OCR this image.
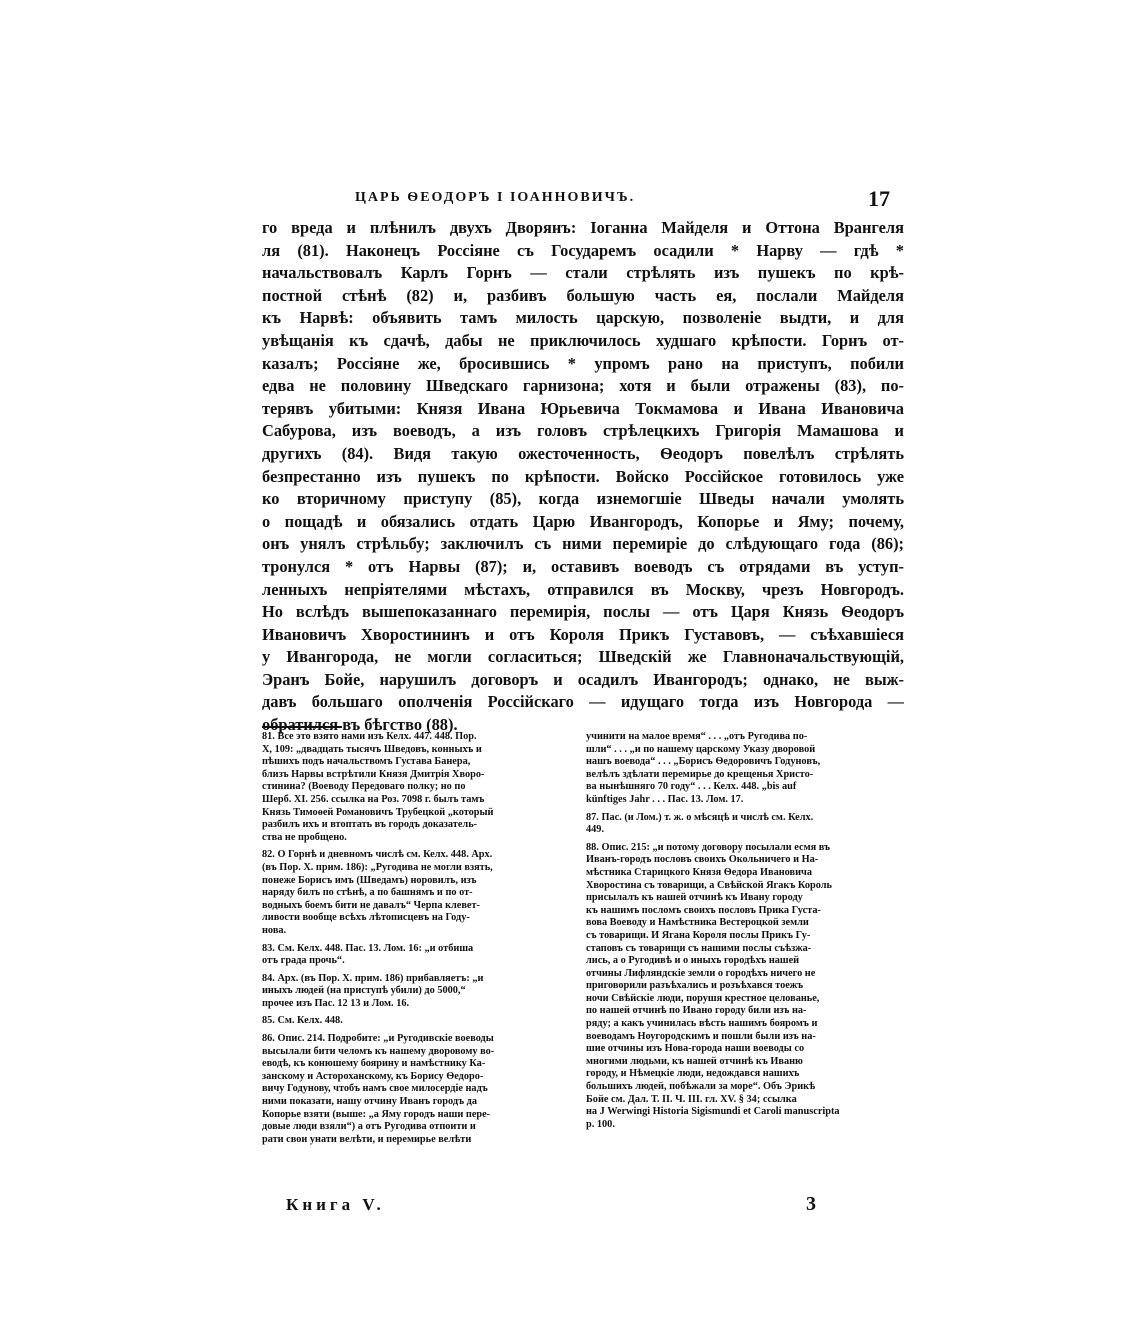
ЦАРЬ ѲЕОДОРЪ I ІОАННОВИЧЪ.	17
го вреда и плѣнилъ двухъ Дворянъ: Іоганна Майделя и Оттона Врангеля
ля (81). Наконецъ Россіяне съ Государемъ осадили * Нарву — гдѣ *
начальствовалъ Карлъ Горнъ — стали стрѣлять изъ пушекъ по крѣ-
постной стѣнѣ (82) и, разбивъ большую часть ея, послали Майделя
къ Нарвѣ: объявить тамъ милость царскую, позволеніе выдти, и для
увѣщанія къ сдачѣ, дабы не приключилось худшаго крѣпости. Горнъ от-
казалъ; Россіяне же, бросившись * упромъ рано на приступъ, побили
едва не половину Шведскаго гарнизона; хотя и были отражены (83), по-
терявъ убитыми: Князя Ивана Юрьевича Токмамова и Ивана Ивановича
Сабурова, изъ воеводъ, а изъ головъ стрѣлецкихъ Григорія Мамашова и
другихъ (84). Видя такую ожесточенность, Ѳеодоръ повелѣлъ стрѣлять
безпрестанно изъ пушекъ по крѣпости. Войско Россійское готовилось уже
ко вторичному приступу (85), когда изнемогшіе Шведы начали умолять
о пощадѣ и обязались отдать Царю Ивангородъ, Копорье и Яму; почему,
онъ унялъ стрѣльбу; заключилъ съ ними перемиріе до слѣдующаго года (86);
тронулся * отъ Нарвы (87); и, оставивъ воеводъ съ отрядами въ уступ-
ленныхъ непріятелями мѣстахъ, отправился въ Москву, чрезъ Новгородъ.
Но вслѣдъ вышепоказаннаго перемирія, послы — отъ Царя Князь Ѳеодоръ
Ивановичъ Хворостининъ и отъ Короля Прикъ Густавовъ, — съѣхавшіеся
у Ивангорода, не могли согласиться; Шведскій же Главноначальствующій,
Эранъ Бойе, нарушилъ договоръ и осадилъ Ивангородъ; однако, не выж-
давъ большаго ополченія Россійскаго — идущаго тогда изъ Новгорода —
обратился въ бѣгство (88).
81. Все это взято нами изъ Келх. 447. 448. Пор.
X, 109: „двадцать тысячъ Шведовъ, конныхъ и
пѣшихъ подъ начальствомъ Густава Банера,
близъ Нарвы встрѣтили Князя Дмитрія Хворо-
стинина? (Воеводу Передоваго полку; но по
Шерб. XI. 256. ссылка на Роз. 7098 г. былъ тамъ
Князь Тимоѳей Романовичъ Трубецкой „который
разбилъ ихъ и втоптать въ городъ доказатель-
ства не пробщено.
82. О Горнѣ и дневномъ числѣ см. Келх. 448. Арх.
(въ Пор. X. прим. 186): „Ругодива не могли взять,
понеже Борисъ имъ (Шведамъ) норовилъ, изъ
наряду билъ по стѣнѣ, а по башнямъ и по от-
водныхъ боемъ бити не давалъ“ Черпа клевет-
ливости вообще всѣхъ лѣтописцевъ на Году-
нова.
83. См. Келх. 448. Пас. 13. Лом. 16: „и отбиша
отъ града прочь“.
84. Арх. (въ Пор. X. прим. 186) прибавляетъ: „и
иныхъ людей (на приступѣ убили) до 5000,“
прочее изъ Пас. 12 13 и Лом. 16.
85. См. Келх. 448.
86. Опис. 214. Подробите: „и Ругодивскіе воеводы
высылали бити челомъ къ нашему дворовому во-
еводѣ, къ конюшему боярину и намѣстнику Ка-
занскому и Астороханскому, къ Борису Ѳедоро-
вичу Годунову, чтобъ намъ свое милосердіе надъ
ними показати, нашу отчину Иванъ городъ да
Копорье взяти (выше: „а Яму городъ наши пере-
довые люди взяли“) а отъ Ругодива отпоити и
рати свои унати велѣти, и перемирье велѣти
учинити на малое время“ . . . „отъ Ругодива по-
шли“ . . . „и по нашему царскому Указу дворовой
нашъ воевода“ . . . „Борисъ Ѳедоровичъ Годуновъ,
велѣлъ здѣлати перемирье до крещенья Христо-
ва нынѣшняго 70 году“ . . . Келх. 448. „bis auf
künftiges Jahr . . . Пас. 13. Лом. 17.
87. Пас. (и Лом.) т. ж. о мѣсяцѣ и числѣ см. Келх.
449.
88. Опис. 215: „и потому договору посылали есмя въ
Иванъ-городъ пословъ своихъ Окольничего и На-
мѣстника Старицкого Князя Ѳедора Ивановича
Хворостина съ товарищи, а Свѣйской Ягакъ Король
присылалъ къ нашей отчинѣ къ Ивану городу
къ нашимъ посломъ своихъ пословъ Прика Густа-
вова Воеводу и Намѣстника Вестероцкой земли
съ товарищи. И Ягана Короля послы Прикъ Гу-
стаповъ съ товарищи съ нашими послы съѣзжа-
лись, а о Ругодивѣ и о иныхъ городѣхъ нашей
отчины Лифляндскіе земли о городѣхъ ничего не
приговорили разъѣхались и розъѣхався тоежъ
ночи Свѣйскіе люди, порушя крестное целованье,
по нашей отчинѣ по Ивано городу били изъ на-
ряду; а какъ учинилась вѣсть нашимъ бояромъ и
воеводамъ Ноугородскимъ и пошли были изъ на-
шие отчины изъ Нова-города наши воеводы со
многими людьми, къ нашей отчинѣ къ Иваню
городу, и Нѣмецкіе люди, недождався нашихъ
большихъ людей, побѣжали за море“. Объ Эрикѣ
Бойе см. Дал. Т. II. Ч. III. гл. XV. § 34; ссылка
на J Werwingi Historia Sigismundi et Caroli manuscripta
p. 100.
Книга V.	3
